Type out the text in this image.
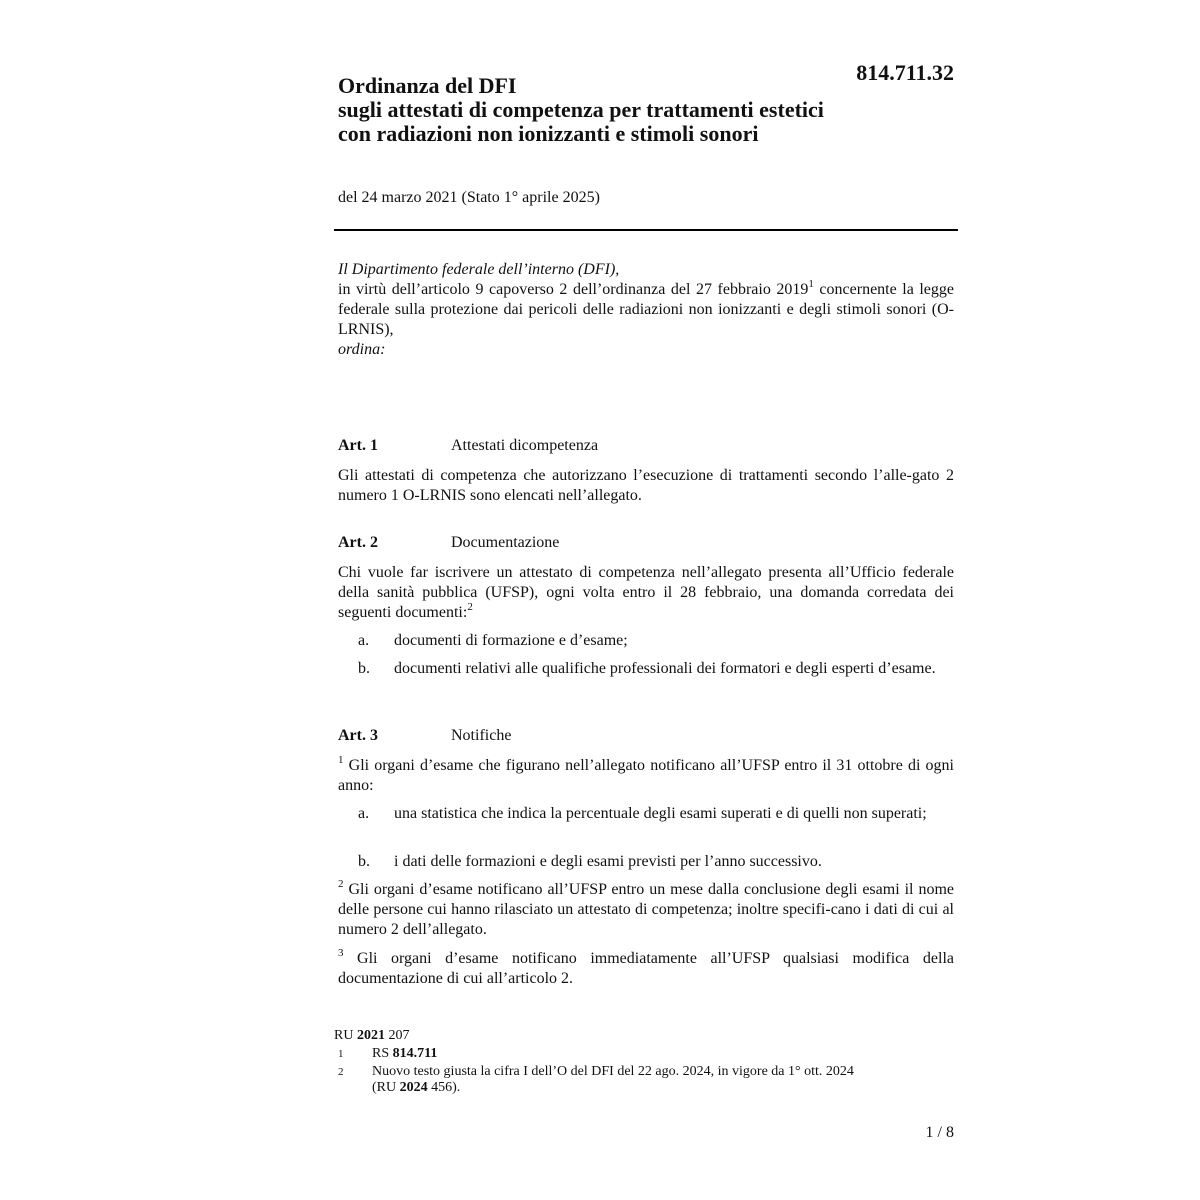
814.711.32
Ordinanza del DFI
sugli attestati di competenza per trattamenti estetici
con radiazioni non ionizzanti e stimoli sonori
del 24 marzo 2021 (Stato 1° aprile 2025)

Il Dipartimento federale dell’interno (DFI),

in virtù dell’articolo 9 capoverso 2 dell’ordinanza del 27 febbraio 2019$^1$ concernente la legge federale sulla protezione dai pericoli delle radiazioni non ionizzanti e degli stimoli sonori (O-LRNIS),

ordina:

Art. 1	Attestati dicompetenza

Gli attestati di competenza che autorizzano l’esecuzione di trattamenti secondo l’alle-gato 2 numero 1 O-LRNIS sono elencati nell’allegato.

Art. 2	Documentazione

Chi vuole far iscrivere un attestato di competenza nell’allegato presenta all’Ufficio federale della sanità pubblica (UFSP), ogni volta entro il 28 febbraio, una domanda corredata dei seguenti documenti:$^2$

a. documenti di formazione e d’esame;
b. documenti relativi alle qualifiche professionali dei formatori e degli esperti d’esame.
Art. 3	Notifiche

$^1$ Gli organi d’esame che figurano nell’allegato notificano all’UFSP entro il 31 ottobre di ogni anno:

a. una statistica che indica la percentuale degli esami superati e di quelli non superati;
b. i dati delle formazioni e degli esami previsti per l’anno successivo.

$^2$ Gli organi d’esame notificano all’UFSP entro un mese dalla conclusione degli esami il nome delle persone cui hanno rilasciato un attestato di competenza; inoltre specifi-cano i dati di cui al numero 2 dell’allegato.

$^3$ Gli organi d’esame notificano immediatamente all’UFSP qualsiasi modifica della documentazione di cui all’articolo 2.

RU 2021 207
1 RS 814.711
2 Nuovo testo giusta la cifra I dell’O del DFI del 22 ago. 2024, in vigore da 1° ott. 2024
(RU 2024 456).
1 / 8
